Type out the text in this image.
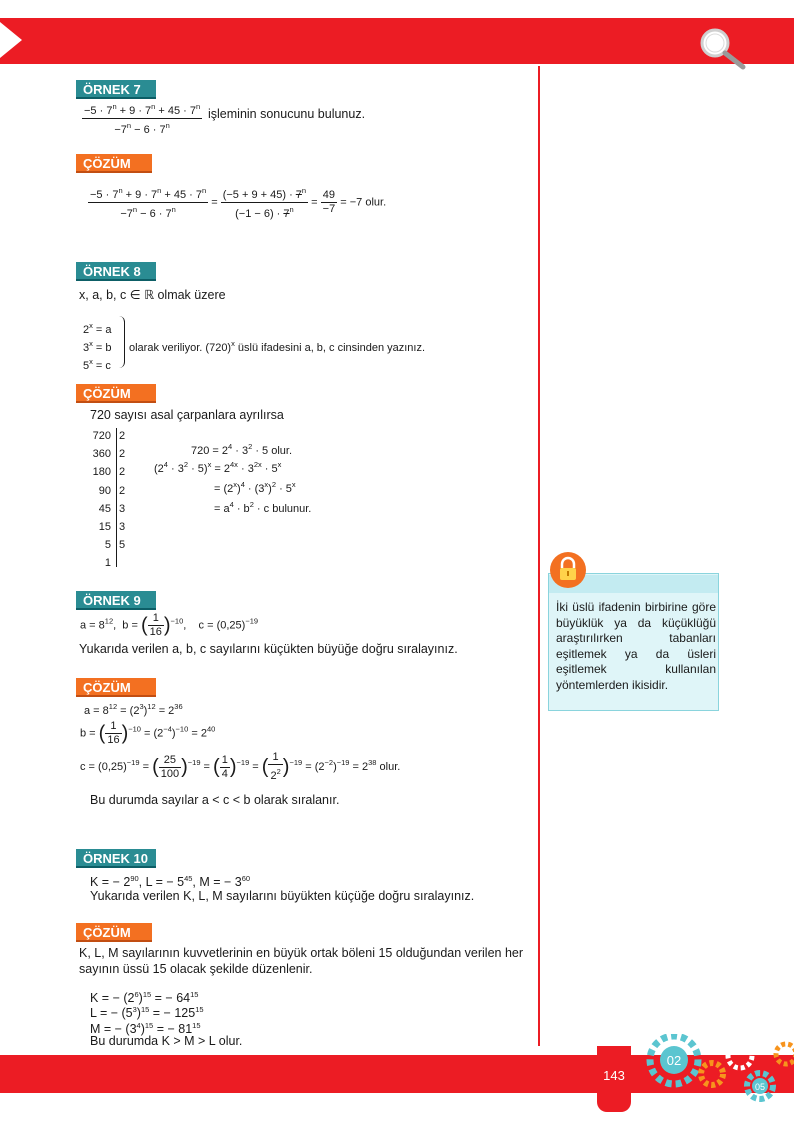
ÖRNEK 7
$\frac{-5 \cdot 7^n + 9 \cdot 7^n + 45 \cdot 7^n}{-7^n - 6 \cdot 7^n}$ işleminin sonucunu bulunuz.
ÇÖZÜM
$\frac{-5 \cdot 7^n + 9 \cdot 7^n + 45 \cdot 7^n}{-7^n - 6 \cdot 7^n} = \frac{(-5 + 9 + 45) \cdot 7^n}{(-1 - 6) \cdot 7^n} = \frac{49}{-7} = -7$ olur.
ÖRNEK 8
x, a, b, c ∈ ℝ olmak üzere
$2^x = a$
$3^x = b$
$5^x = c$
olarak veriliyor. $(720)^x$ üslü ifadesini a, b, c cinsinden yazınız.
ÇÖZÜM
720 sayısı asal çarpanlara ayrılırsa
720 2
360 2
180 2
90 2
45 3
15 3
5 5
1
$720 = 2^4 \cdot 3^2 \cdot 5$ olur.
$(2^4 \cdot 3^2 \cdot 5)^x = 2^{4x} \cdot 3^{2x} \cdot 5^x$
= $(2^x)^4 \cdot (3^x)^2 \cdot 5^x$
= $a^4 \cdot b^2 \cdot c$ bulunur.
ÖRNEK 9
$a = 8^{12}$,  b = ( $\frac{1}{16} )^{-10}$,    $c = (0,25)^{-19}$
Yukarıda verilen a, b, c sayılarını küçükten büyüğe doğru sıralayınız.
ÇÖZÜM
$a = 8^{12} = (2^3)^{12} = 2^{36}$
b = ( $\frac{1}{16} )^{-10} = (2^{-4})^{-10} = 2^{40}$
$c = (0,25)^{-19}$ = ( $\frac{25}{100} )^{-19}$ = ( $\frac{1}{4} )^{-19}$ = ( $\frac{1}{2^2} )^{-19} = (2^{-2})^{-19} = 2^{38}$ olur.
Bu durumda sayılar a < c < b olarak sıralanır.
ÖRNEK 10
K = − $2^{90}$, L = − $5^{45}$, M = − $3^{60}$
Yukarıda verilen K, L, M sayılarını büyükten küçüğe doğru sıralayınız.
ÇÖZÜM
K, L, M sayılarının kuvvetlerinin en büyük ortak böleni 15 olduğundan verilen her
sayının üssü 15 olacak şekilde düzenlenir.
K = − $(2^6)^{15}$ = − $64^{15}$
L = − $(5^3)^{15}$ = − $125^{15}$
M = − $(3^4)^{15}$ = − $81^{15}$
Bu durumda K > M > L olur.
İki üslü ifadenin birbirine göre büyüklük ya da küçüklüğü araştırılırken tabanları eşitlemek ya da üsleri eşitlemek kullanılan yöntemlerden ikisidir.
143
02
05
